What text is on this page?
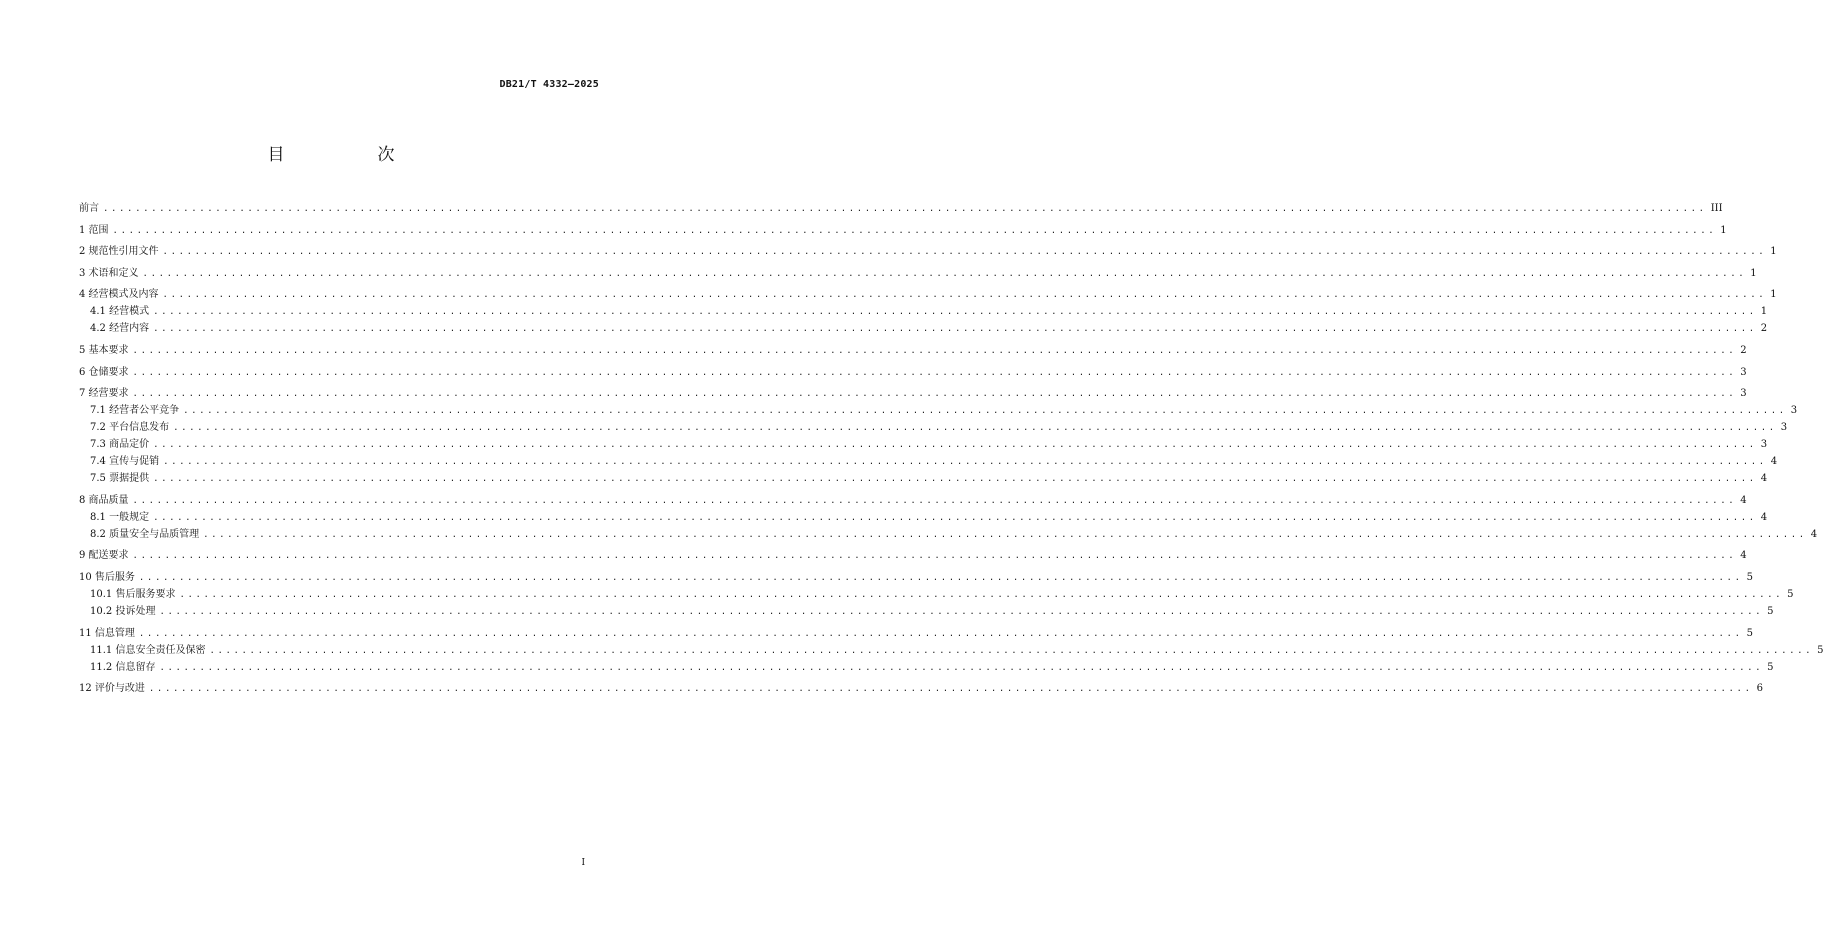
DB21/T 4332—2025
目　次
前言 ........................................................................................................................................................................................................ III
1 范围 ........................................................................................................................................................................................................ 1
2 规范性引用文件 ........................................................................................................................................................................................................ 1
3 术语和定义 ........................................................................................................................................................................................................ 1
4 经营模式及内容 ........................................................................................................................................................................................................ 1
4.1 经营模式 ........................................................................................................................................................................................................ 1
4.2 经营内容 ........................................................................................................................................................................................................ 2
5 基本要求 ........................................................................................................................................................................................................ 2
6 仓储要求 ........................................................................................................................................................................................................ 3
7 经营要求 ........................................................................................................................................................................................................ 3
7.1 经营者公平竞争 ........................................................................................................................................................................................................ 3
7.2 平台信息发布 ........................................................................................................................................................................................................ 3
7.3 商品定价 ........................................................................................................................................................................................................ 3
7.4 宣传与促销 ........................................................................................................................................................................................................ 4
7.5 票据提供 ........................................................................................................................................................................................................ 4
8 商品质量 ........................................................................................................................................................................................................ 4
8.1 一般规定 ........................................................................................................................................................................................................ 4
8.2 质量安全与品质管理 ........................................................................................................................................................................................................ 4
9 配送要求 ........................................................................................................................................................................................................ 4
10 售后服务 ........................................................................................................................................................................................................ 5
10.1 售后服务要求 ........................................................................................................................................................................................................ 5
10.2 投诉处理 ........................................................................................................................................................................................................ 5
11 信息管理 ........................................................................................................................................................................................................ 5
11.1 信息安全责任及保密 ........................................................................................................................................................................................................ 5
11.2 信息留存 ........................................................................................................................................................................................................ 5
12 评价与改进 ........................................................................................................................................................................................................ 6
I
